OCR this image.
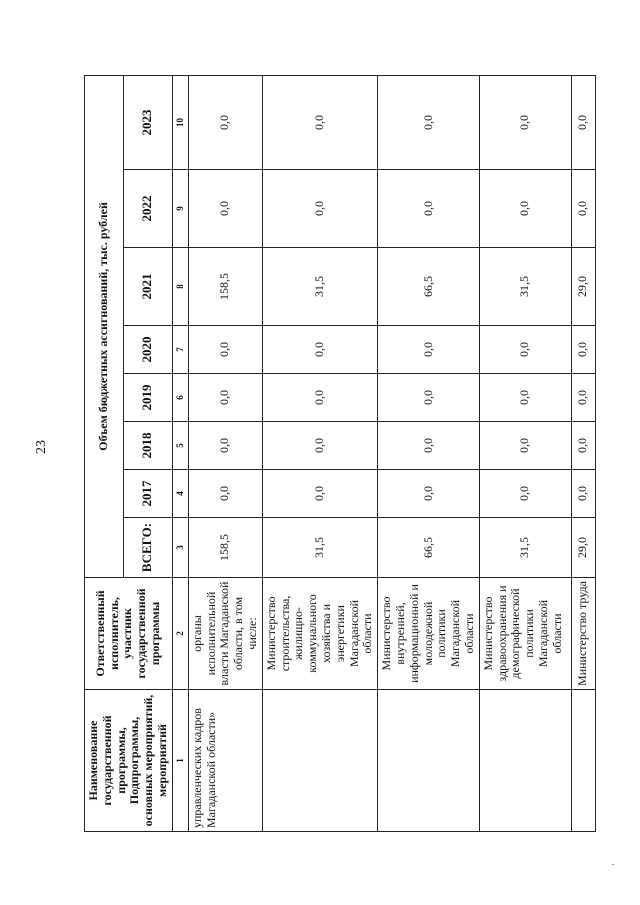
23
.
Наименование государственной программы, Подпрограммы, основных мероприятий, мероприятий	Ответственный исполнитель, участник государственной программы	Объем бюджетных ассигнований, тыс. рублей							
		ВСЕГО:	2017	2018	2019	2020	2021	2022	2023
1	2	3	4	5	6	7	8	9	10
управленческих кадров Магаданской области»	органы исполнительной власти Магаданской области, в том числе:	158,5	0,0	0,0	0,0	0,0	158,5	0,0	0,0
	Министерство строительства, жилищно-коммунального хозяйства и энергетики Магаданской области	31,5	0,0	0,0	0,0	0,0	31,5	0,0	0,0
	Министерство внутренней, информационной и молодежной политики Магаданской области	66,5	0,0	0,0	0,0	0,0	66,5	0,0	0,0
	Министерство здравоохранения и демографической политики Магаданской области	31,5	0,0	0,0	0,0	0,0	31,5	0,0	0,0
	Министерство труда	29,0	0,0	0,0	0,0	0,0	29,0	0,0	0,0
